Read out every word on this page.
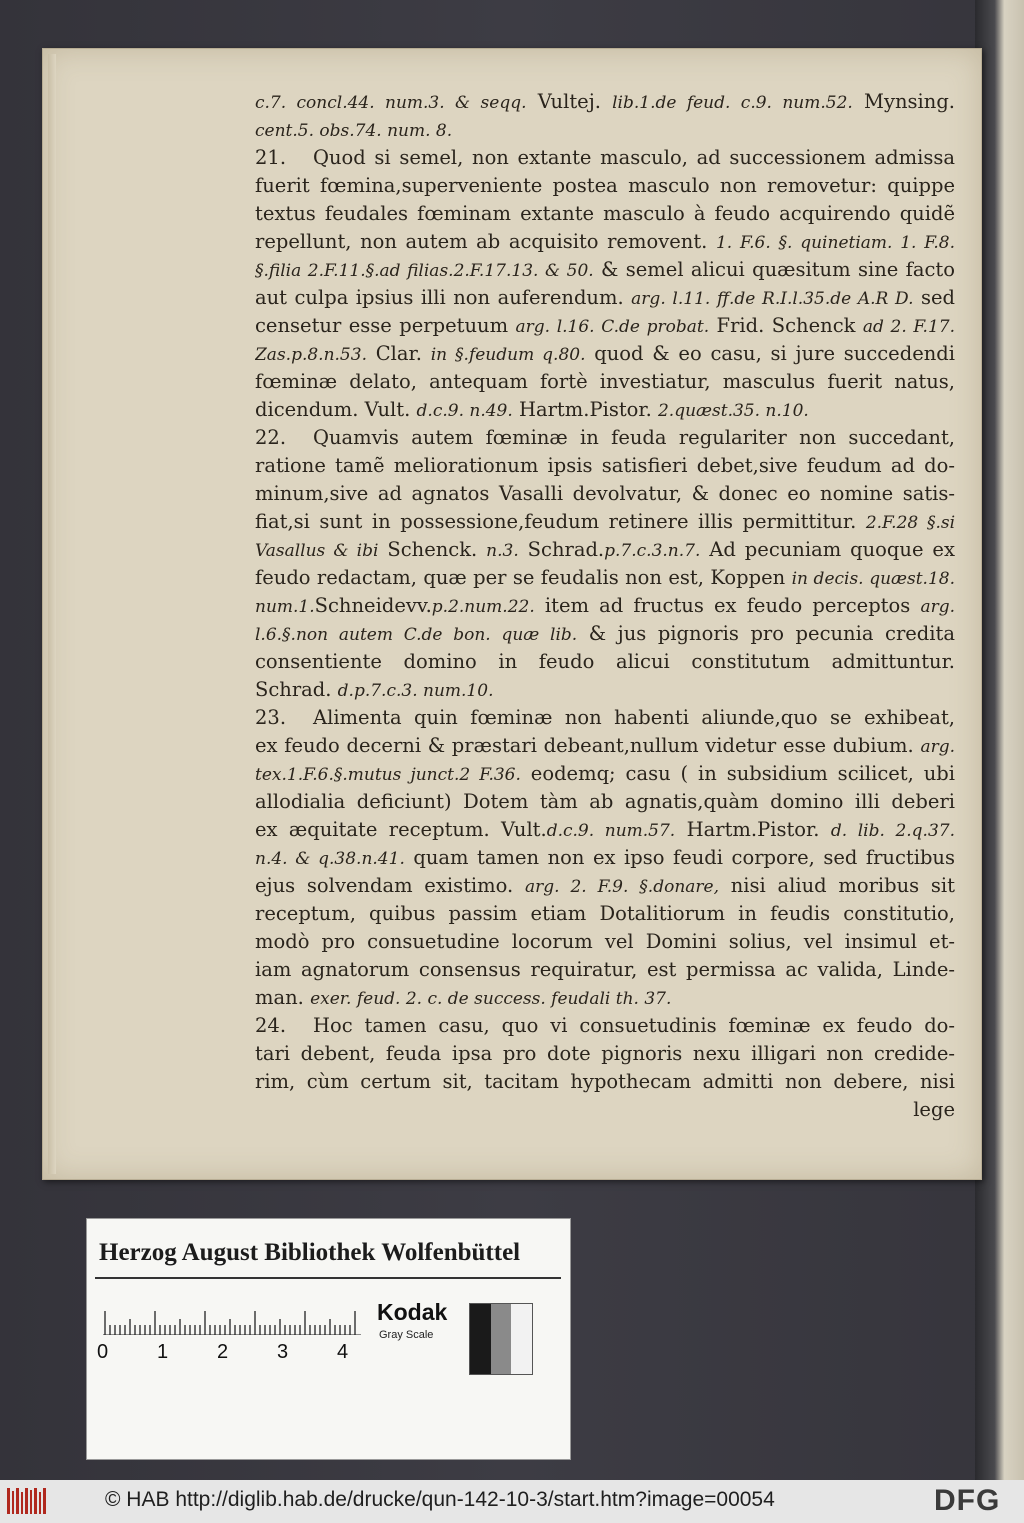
c.7. concl.44. num.3. & seqq. Vultej. lib.1.de feud. c.9. num.52. Mynsing.
cent.5. obs.74. num. 8.
21. Quod si semel, non extante masculo, ad successionem admissa
fuerit fœmina,superveniente postea masculo non removetur: quippe
textus feudales fœminam extante masculo à feudo acquirendo quidẽ
repellunt, non autem ab acquisito removent. 1. F.6. §. quinetiam. 1. F.8.
§.filia 2.F.11.§.ad filias.2.F.17.13. & 50. & semel alicui quæsitum sine facto
aut culpa ipsius illi non auferendum. arg. l.11. ff.de R.I.l.35.de A.R D. sed
censetur esse perpetuum arg. l.16. C.de probat. Frid. Schenck ad 2. F.17.
Zas.p.8.n.53. Clar. in §.feudum q.80. quod & eo casu, si jure succedendi
fœminæ delato, antequam fortè investiatur, masculus fuerit natus,
dicendum. Vult. d.c.9. n.49. Hartm.Pistor. 2.quæst.35. n.10.
22. Quamvis autem fœminæ in feuda regulariter non succedant,
ratione tamẽ meliorationum ipsis satisfieri debet,sive feudum ad do-
minum,sive ad agnatos Vasalli devolvatur, & donec eo nomine satis-
fiat,si sunt in possessione,feudum retinere illis permittitur. 2.F.28 §.si
Vasallus & ibi Schenck. n.3. Schrad.p.7.c.3.n.7. Ad pecuniam quoque ex
feudo redactam, quæ per se feudalis non est, Koppen in decis. quæst.18.
num.1.Schneidevv.p.2.num.22. item ad fructus ex feudo perceptos arg.
l.6.§.non autem C.de bon. quæ lib. & jus pignoris pro pecunia credita
consentiente domino in feudo alicui constitutum admittuntur.
Schrad. d.p.7.c.3. num.10.
23. Alimenta quin fœminæ non habenti aliunde,quo se exhibeat,
ex feudo decerni & præstari debeant,nullum videtur esse dubium. arg.
tex.1.F.6.§.mutus junct.2 F.36. eodemq; casu ( in subsidium scilicet, ubi
allodialia deficiunt) Dotem tàm ab agnatis,quàm domino illi deberi
ex æquitate receptum. Vult.d.c.9. num.57. Hartm.Pistor. d. lib. 2.q.37.
n.4. & q.38.n.41. quam tamen non ex ipso feudi corpore, sed fructibus
ejus solvendam existimo. arg. 2. F.9. §.donare, nisi aliud moribus sit
receptum, quibus passim etiam Dotalitiorum in feudis constitutio,
modò pro consuetudine locorum vel Domini solius, vel insimul et-
iam agnatorum consensus requiratur, est permissa ac valida, Linde-
man. exer. feud. 2. c. de success. feudali th. 37.
24. Hoc tamen casu, quo vi consuetudinis fœminæ ex feudo do-
tari debent, feuda ipsa pro dote pignoris nexu illigari non credide-
rim, cùm certum sit, tacitam hypothecam admitti non debere, nisi
lege
Herzog August Bibliothek Wolfenbüttel
0 1 2 3 4
Kodak
Gray Scale
© HAB http://diglib.hab.de/drucke/qun-142-10-3/start.htm?image=00054	DFG
